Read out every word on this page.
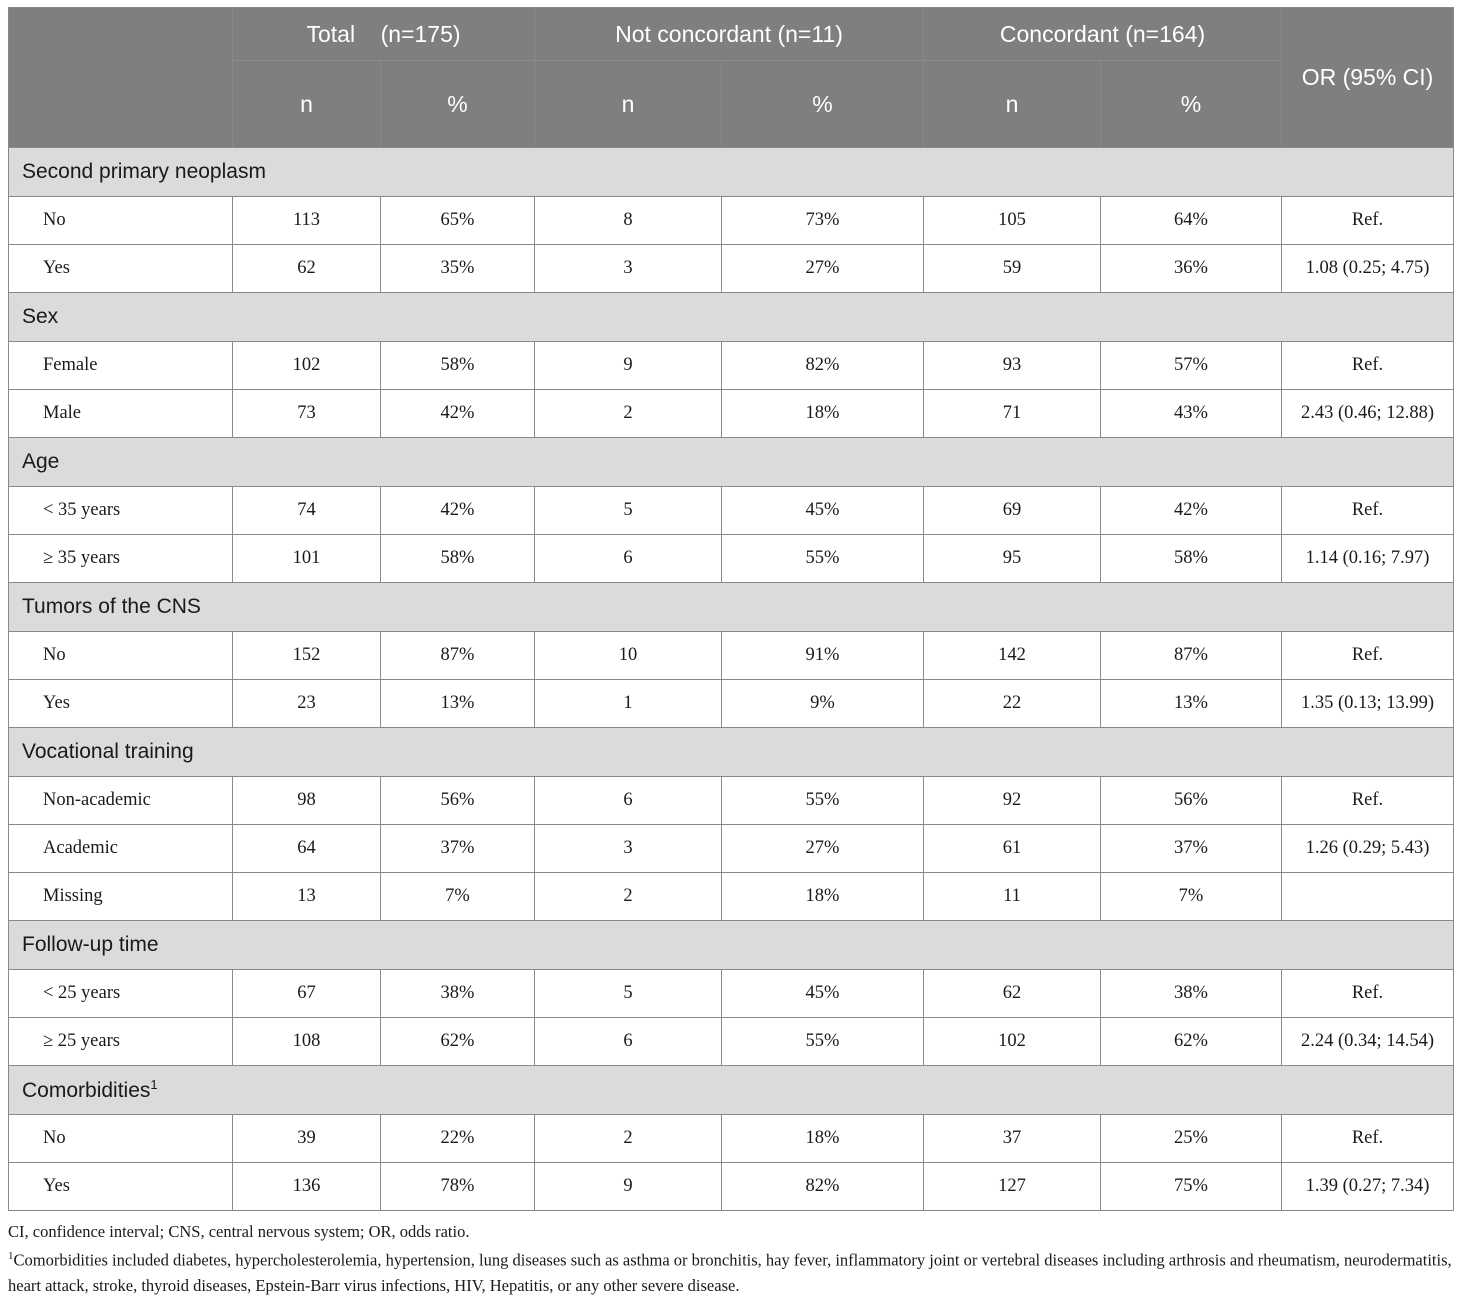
	Total    (n=175)		Not concordant (n=11)		Concordant (n=164)		OR (95% CI)
	n	%	n	%	n	%	
Second primary neoplasm							
No	113	65%	8	73%	105	64%	Ref.
Yes	62	35%	3	27%	59	36%	1.08 (0.25; 4.75)
Sex							
Female	102	58%	9	82%	93	57%	Ref.
Male	73	42%	2	18%	71	43%	2.43 (0.46; 12.88)
Age							
< 35 years	74	42%	5	45%	69	42%	Ref.
≥ 35 years	101	58%	6	55%	95	58%	1.14 (0.16; 7.97)
Tumors of the CNS							
No	152	87%	10	91%	142	87%	Ref.
Yes	23	13%	1	9%	22	13%	1.35 (0.13; 13.99)
Vocational training							
Non-academic	98	56%	6	55%	92	56%	Ref.
Academic	64	37%	3	27%	61	37%	1.26 (0.29; 5.43)
Missing	13	7%	2	18%	11	7%	
Follow-up time							
< 25 years	67	38%	5	45%	62	38%	Ref.
≥ 25 years	108	62%	6	55%	102	62%	2.24 (0.34; 14.54)
Comorbidities$^1$
No	39	22%	2	18%	37	25%	Ref.
Yes	136	78%	9	82%	127	75%	1.39 (0.27; 7.34)

CI, confidence interval; CNS, central nervous system; OR, odds ratio.

$^1$Comorbidities included diabetes, hypercholesterolemia, hypertension, lung diseases such as asthma or bronchitis, hay fever, inflammatory joint or vertebral diseases including arthrosis and rheumatism, neurodermatitis, heart attack, stroke, thyroid diseases, Epstein-Barr virus infections, HIV, Hepatitis, or any other severe disease.
